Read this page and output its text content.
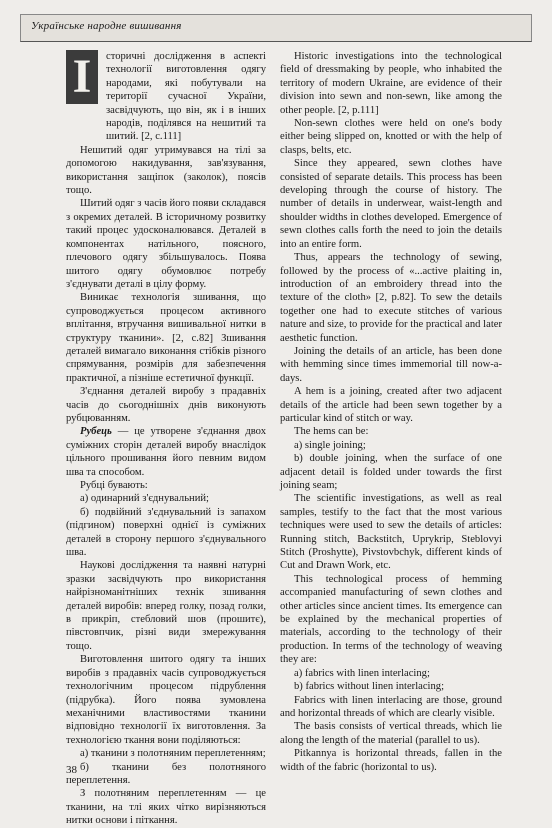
Українське народне вишивання
І	сторичні дослідження в аспекті технології виготовлення одягу народами, які побутували на території сучасної України, засвідчують, що він, як і в інших народів, поділявся на нешитий та шитий. [2, с.111]

Нешитий одяг утримувався на тілі за допомогою накидування, зав'язування, використання защіпок (заколок), поясів тощо.

Шитий одяг з часів його появи складався з окремих деталей. В історичному розвитку такий процес удосконалювався. Деталей в компонентах натільного, поясного, плечового одягу збільшувалось. Поява шитого одягу обумовлює потребу з'єднувати деталі в цілу форму.

Виникає технологія зшивання, що супроводжується процесом активного вплітання, втручання вишивальної нитки в структуру тканини». [2, с.82] Зшивання деталей вимагало виконання стібків різного спрямування, розмірів для забезпечення практичної, а пізніше естетичної функції.

З'єднання деталей виробу з прадавніх часів до сьогоднішніх днів виконують рубцюванням.

Рубець — це утворене з'єднання двох суміжних сторін деталей виробу внаслідок цільного прошивання його певним видом шва та способом.

Рубці бувають:

а) одинарний з'єднувальний;

б) подвійний з'єднувальний із запахом (підгином) поверхні однієї із суміжних деталей в сторону першого з'єднувального шва.

Наукові дослідження та наявні натурні зразки засвідчують про використання найрізноманітніших технік зшивання деталей виробів: вперед голку, позад голки, в прикріп, стебловий шов (прошитє), півстовпчик, різні види змережування тощо.

Виготовлення шитого одягу та інших виробів з прадавніх часів супроводжується технологічним процесом підрублення (підрубка). Його поява зумовлена механічними властивостями тканини відповідно технології їх виготовлення. За технологією ткання вони поділяються:

а) тканини з полотняним переплетенням;

б) тканини без полотняного переплетення.

З полотняним переплетенням — це тканини, на тлі яких чітко вирізняються нитки основи і піткання.

Historic investigations into the technological field of dressmaking by people, who inhabited the territory of modern Ukraine, are evidence of their division into sewn and non-sewn, like among the other people. [2, p.111]

Non-sewn clothes were held on one's body either being slipped on, knotted or with the help of clasps, belts, etc.

Since they appeared, sewn clothes have consisted of separate details. This process has been developing through the course of history. The number of details in underwear, waist-length and shoulder widths in clothes developed. Emergence of sewn clothes calls forth the need to join the details into an entire form.

Thus, appears the technology of sewing, followed by the process of «...active plaiting in, introduction of an embroidery thread into the texture of the cloth» [2, p.82]. To sew the details together one had to execute stitches of various nature and size, to provide for the practical and later aesthetic function.

Joining the details of an article, has been done with hemming since times immemorial till now-a-days.

A hem is a joining, created after two adjacent details of the article had been sewn together by a particular kind of stitch or way.

The hems can be:

a) single joining;

b) double joining, when the surface of one adjacent detail is folded under towards the first joining seam;

The scientific investigations, as well as real samples, testify to the fact that the most various techniques were used to sew the details of articles: Running stitch, Backstitch, Uprykrip, Steblovyi Stitch (Proshytte), Pivstovbchyk, different kinds of Cut and Drawn Work, etc.

This technological process of hemming accompanied manufacturing of sewn clothes and other articles since ancient times. Its emergence can be explained by the mechanical properties of materials, according to the technology of their production. In terms of the technology of weaving they are:

a) fabrics with linen interlacing;

b) fabrics without linen interlacing;

Fabrics with linen interlacing are those, ground and horizontal threads of which are clearly visible.

The basis consists of vertical threads, which lie along the length of the material (parallel to us).

Pitkannya is horizontal threads, fallen in the width of the fabric (horizontal to us).

38
